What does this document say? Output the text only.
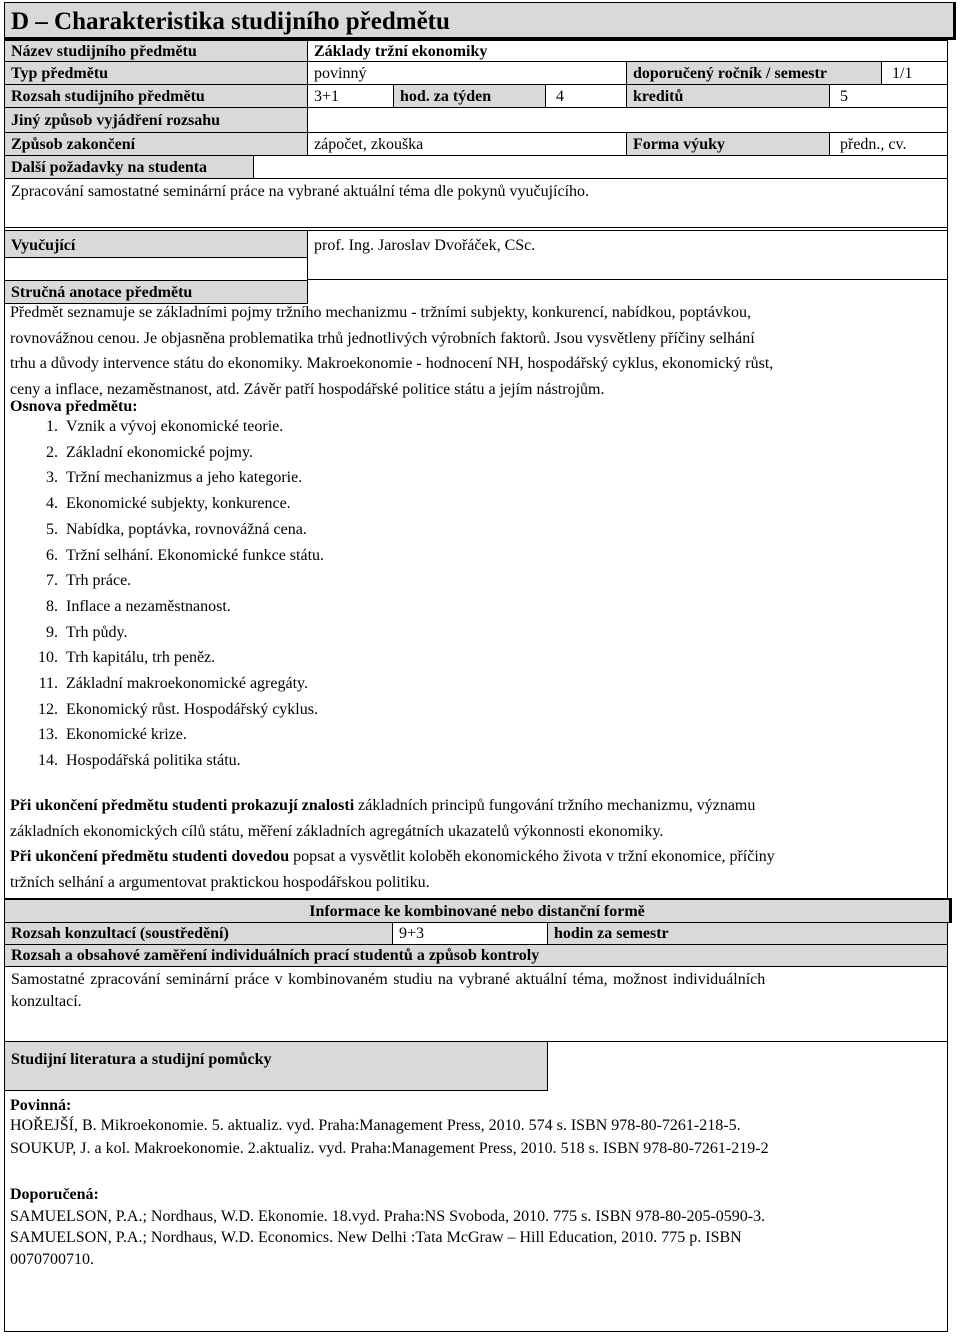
D – Charakteristika studijního předmětu
Název studijního předmětu	Základy tržní ekonomiky
Typ předmětu	povinný	doporučený ročník / semestr	1/1
Rozsah studijního předmětu	3+1	hod. za týden	4	kreditů	5
Jiný způsob vyjádření rozsahu
Způsob zakončení	zápočet, zkouška	Forma výuky	předn., cv.
Další požadavky na studenta
Zpracování samostatné seminární práce na vybrané aktuální téma dle pokynů vyučujícího.
Vyučující	prof. Ing. Jaroslav Dvořáček, CSc.
Stručná anotace předmětu
Předmět seznamuje se základními pojmy tržního mechanizmu - tržními subjekty, konkurencí, nabídkou, poptávkou,
rovnovážnou cenou. Je objasněna problematika trhů jednotlivých výrobních faktorů. Jsou vysvětleny příčiny selhání
trhu a důvody intervence státu do ekonomiky. Makroekonomie - hodnocení NH, hospodářský cyklus, ekonomický růst,
ceny a inflace, nezaměstnanost, atd. Závěr patří hospodářské politice státu a jejím nástrojům.
Osnova předmětu:
1. Vznik a vývoj ekonomické teorie.
2. Základní ekonomické pojmy.
3. Tržní mechanizmus a jeho kategorie.
4. Ekonomické subjekty, konkurence.
5. Nabídka, poptávka, rovnovážná cena.
6. Tržní selhání. Ekonomické funkce státu.
7. Trh práce.
8. Inflace a nezaměstnanost.
9. Trh půdy.
10. Trh kapitálu, trh peněz.
11. Základní makroekonomické agregáty.
12. Ekonomický růst. Hospodářský cyklus.
13. Ekonomické krize.
14. Hospodářská politika státu.
Při ukončení předmětu studenti prokazují znalosti základních principů fungování tržního mechanizmu, významu
základních ekonomických cílů státu, měření základních agregátních ukazatelů výkonnosti ekonomiky.
Při ukončení předmětu studenti dovedou popsat a vysvětlit koloběh ekonomického života v tržní ekonomice, příčiny
tržních selhání a argumentovat praktickou hospodářskou politiku.
Informace ke kombinované nebo distanční formě
Rozsah konzultací (soustředění)	9+3	hodin za semestr
Rozsah a obsahové zaměření individuálních prací studentů a způsob kontroly
Samostatné zpracování seminární práce v kombinovaném studiu na vybrané aktuální téma, možnost individuálních
konzultací.
Studijní literatura a studijní pomůcky
Povinná:
HOŘEJŠÍ, B. Mikroekonomie. 5. aktualiz. vyd. Praha:Management Press, 2010. 574 s. ISBN 978-80-7261-218-5.
SOUKUP, J. a kol. Makroekonomie. 2.aktualiz. vyd. Praha:Management Press, 2010. 518 s. ISBN 978-80-7261-219-2
Doporučená:
SAMUELSON, P.A.; Nordhaus, W.D. Ekonomie. 18.vyd. Praha:NS Svoboda, 2010. 775 s. ISBN 978-80-205-0590-3.
SAMUELSON, P.A.; Nordhaus, W.D. Economics. New Delhi :Tata McGraw – Hill Education, 2010. 775 p. ISBN
0070700710.
